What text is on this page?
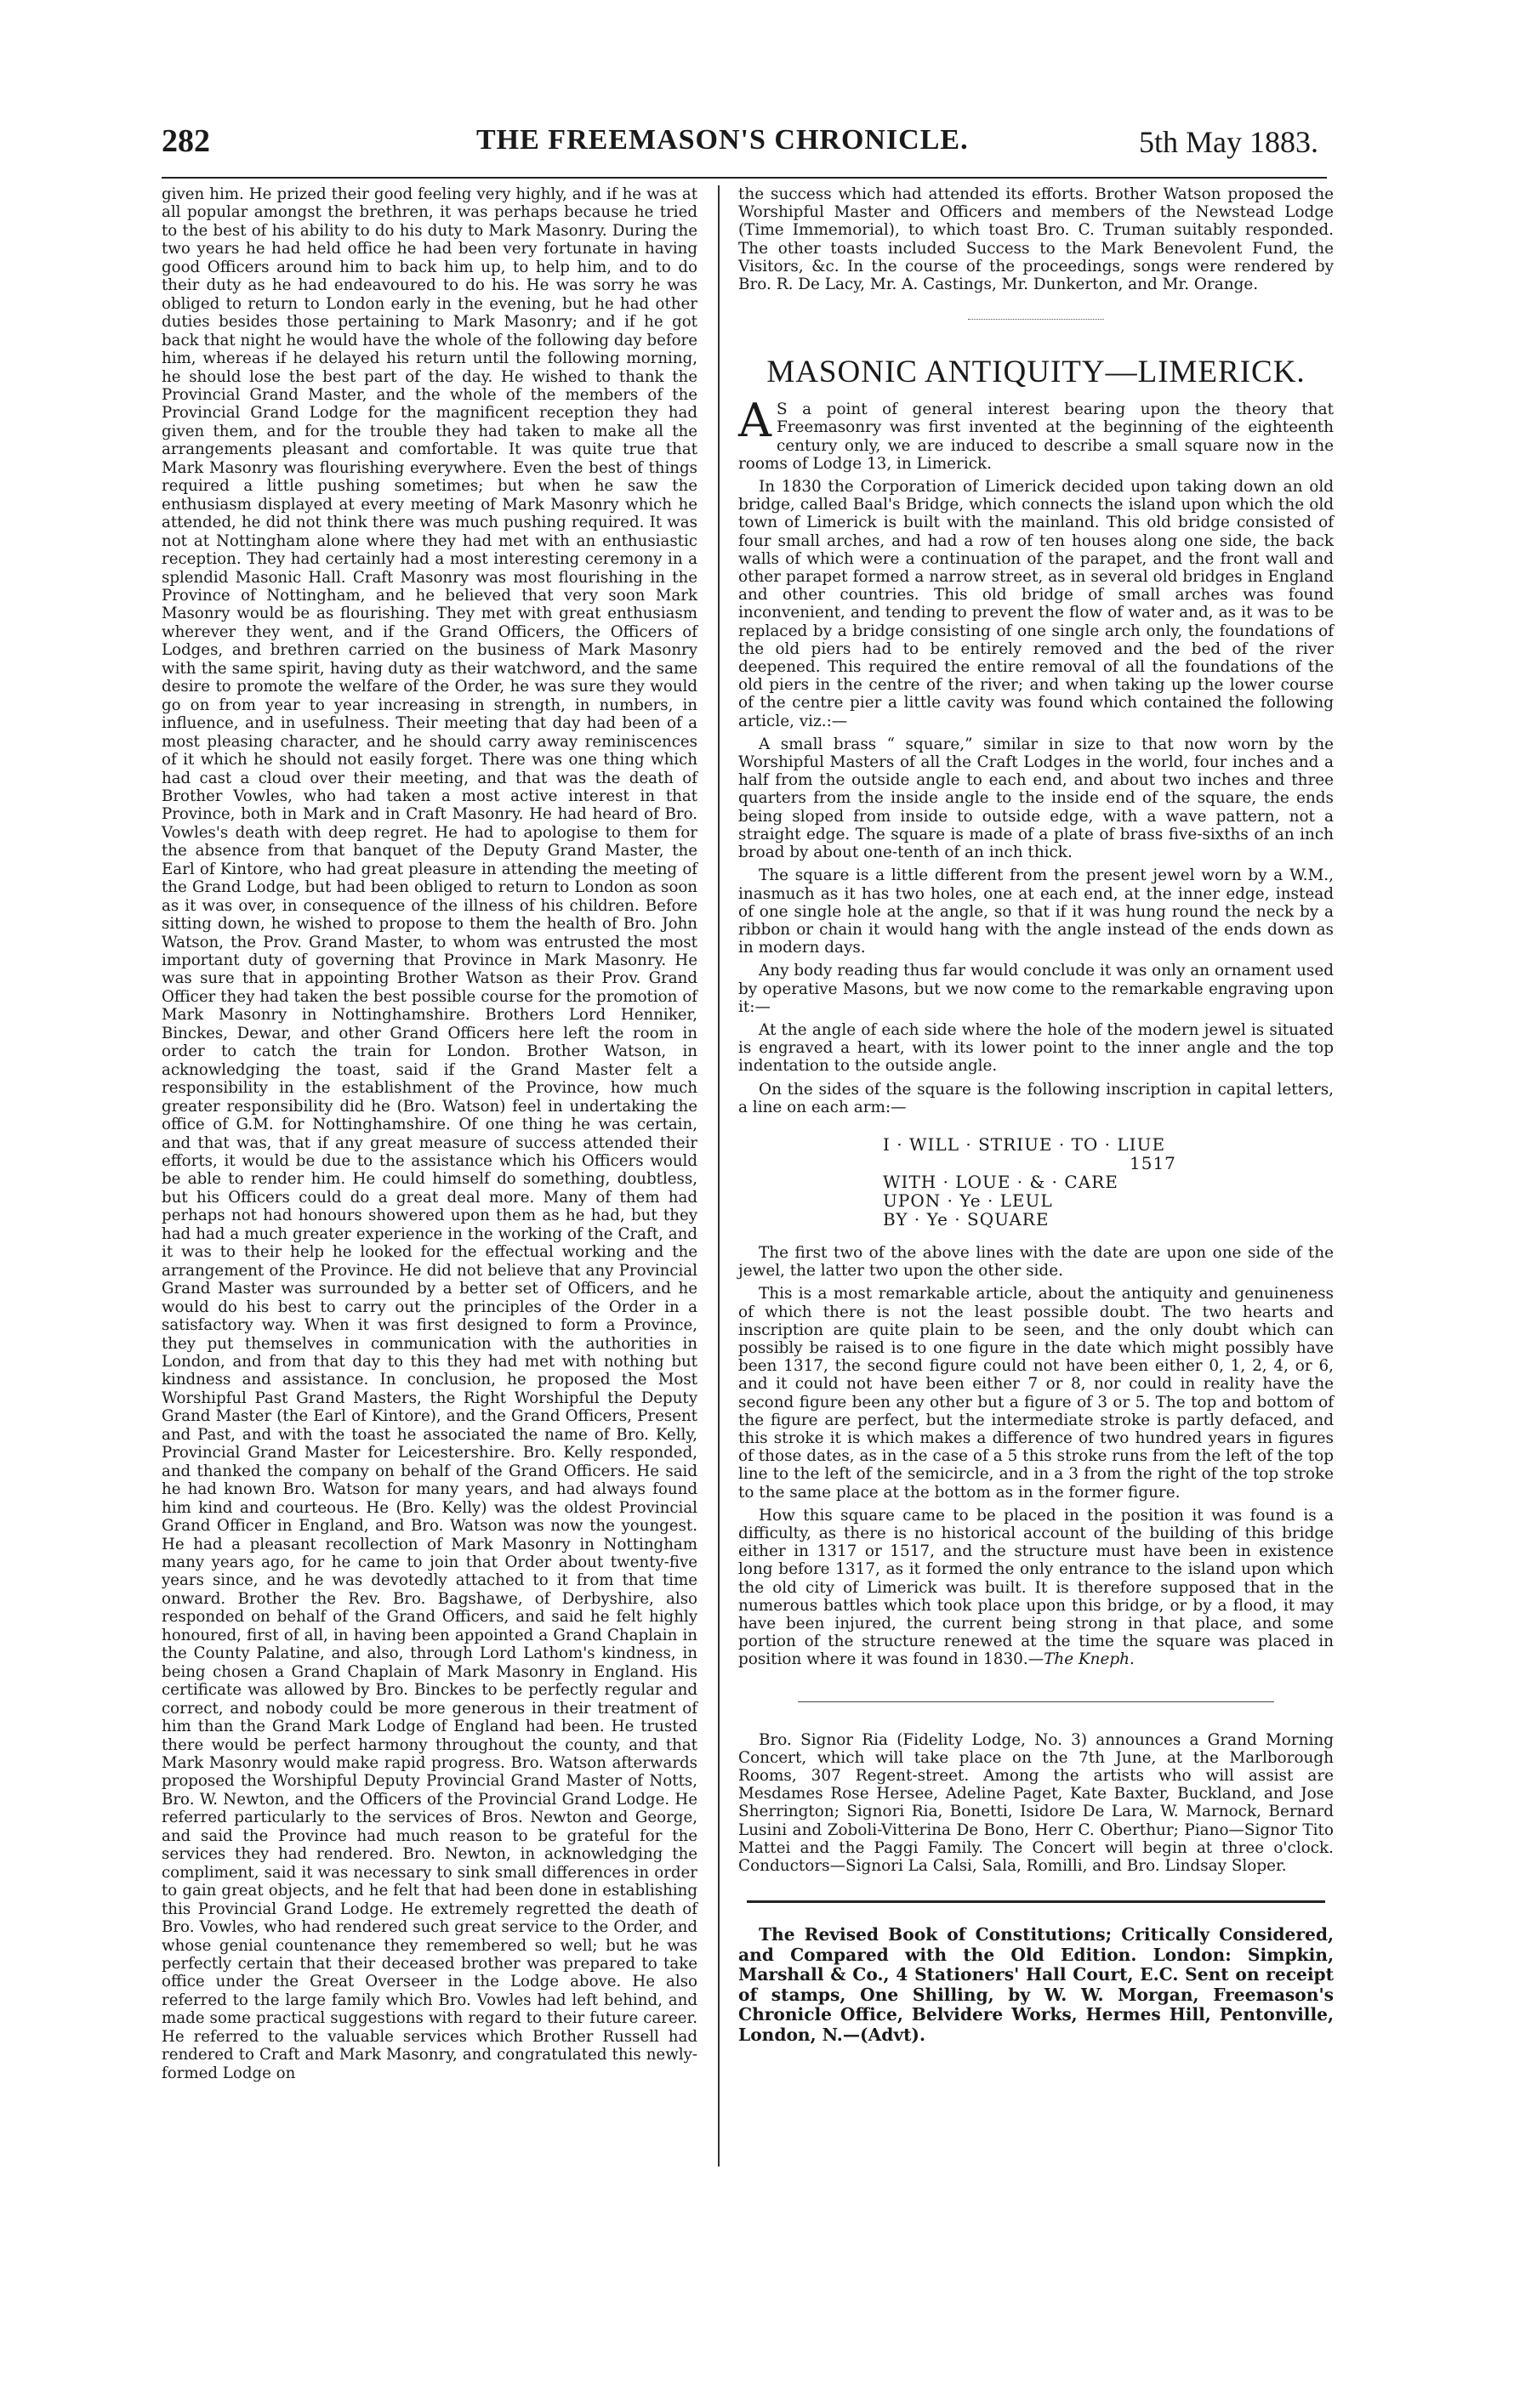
282	THE FREEMASON'S CHRONICLE.	5th May 1883.

given him. He prized their good feeling very highly, and if he was at all popular amongst the brethren, it was perhaps because he tried to the best of his ability to do his duty to Mark Masonry. During the two years he had held office he had been very fortunate in having good Officers around him to back him up, to help him, and to do their duty as he had endeavoured to do his. He was sorry he was obliged to return to London early in the evening, but he had other duties besides those pertaining to Mark Masonry; and if he got back that night he would have the whole of the following day before him, whereas if he delayed his return until the following morning, he should lose the best part of the day. He wished to thank the Provincial Grand Master, and the whole of the members of the Provincial Grand Lodge for the magnificent reception they had given them, and for the trouble they had taken to make all the arrangements pleasant and comfortable. It was quite true that Mark Masonry was flourishing everywhere. Even the best of things required a little pushing sometimes; but when he saw the enthusiasm displayed at every meeting of Mark Masonry which he attended, he did not think there was much pushing required. It was not at Nottingham alone where they had met with an enthusiastic reception. They had certainly had a most interesting ceremony in a splendid Masonic Hall. Craft Masonry was most flourishing in the Province of Nottingham, and he believed that very soon Mark Masonry would be as flourishing. They met with great enthusiasm wherever they went, and if the Grand Officers, the Officers of Lodges, and brethren carried on the business of Mark Masonry with the same spirit, having duty as their watchword, and the same desire to promote the welfare of the Order, he was sure they would go on from year to year increasing in strength, in numbers, in influence, and in usefulness. Their meeting that day had been of a most pleasing character, and he should carry away reminiscences of it which he should not easily forget. There was one thing which had cast a cloud over their meeting, and that was the death of Brother Vowles, who had taken a most active interest in that Province, both in Mark and in Craft Masonry. He had heard of Bro. Vowles's death with deep regret. He had to apologise to them for the absence from that banquet of the Deputy Grand Master, the Earl of Kintore, who had great pleasure in attending the meeting of the Grand Lodge, but had been obliged to return to London as soon as it was over, in consequence of the illness of his children. Before sitting down, he wished to propose to them the health of Bro. John Watson, the Prov. Grand Master, to whom was entrusted the most important duty of governing that Province in Mark Masonry. He was sure that in appointing Brother Watson as their Prov. Grand Officer they had taken the best possible course for the promotion of Mark Masonry in Nottinghamshire. Brothers Lord Henniker, Binckes, Dewar, and other Grand Officers here left the room in order to catch the train for London. Brother Watson, in acknowledging the toast, said if the Grand Master felt a responsibility in the establishment of the Province, how much greater responsibility did he (Bro. Watson) feel in undertaking the office of G.M. for Nottinghamshire. Of one thing he was certain, and that was, that if any great measure of success attended their efforts, it would be due to the assistance which his Officers would be able to render him. He could himself do something, doubtless, but his Officers could do a great deal more. Many of them had perhaps not had honours showered upon them as he had, but they had had a much greater experience in the working of the Craft, and it was to their help he looked for the effectual working and the arrangement of the Province. He did not believe that any Provincial Grand Master was surrounded by a better set of Officers, and he would do his best to carry out the principles of the Order in a satisfactory way. When it was first designed to form a Province, they put themselves in communication with the authorities in London, and from that day to this they had met with nothing but kindness and assistance. In conclusion, he proposed the Most Worshipful Past Grand Masters, the Right Worshipful the Deputy Grand Master (the Earl of Kintore), and the Grand Officers, Present and Past, and with the toast he associated the name of Bro. Kelly, Provincial Grand Master for Leicestershire. Bro. Kelly responded, and thanked the company on behalf of the Grand Officers. He said he had known Bro. Watson for many years, and had always found him kind and courteous. He (Bro. Kelly) was the oldest Provincial Grand Officer in England, and Bro. Watson was now the youngest. He had a pleasant recollection of Mark Masonry in Nottingham many years ago, for he came to join that Order about twenty-five years since, and he was devotedly attached to it from that time onward. Brother the Rev. Bro. Bagshawe, of Derbyshire, also responded on behalf of the Grand Officers, and said he felt highly honoured, first of all, in having been appointed a Grand Chaplain in the County Palatine, and also, through Lord Lathom's kindness, in being chosen a Grand Chaplain of Mark Masonry in England. His certificate was allowed by Bro. Binckes to be perfectly regular and correct, and nobody could be more generous in their treatment of him than the Grand Mark Lodge of England had been. He trusted there would be perfect harmony throughout the county, and that Mark Masonry would make rapid progress. Bro. Watson afterwards proposed the Worshipful Deputy Provincial Grand Master of Notts, Bro. W. Newton, and the Officers of the Provincial Grand Lodge. He referred particularly to the services of Bros. Newton and George, and said the Province had much reason to be grateful for the services they had rendered. Bro. Newton, in acknowledging the compliment, said it was necessary to sink small differences in order to gain great objects, and he felt that had been done in establishing this Provincial Grand Lodge. He extremely regretted the death of Bro. Vowles, who had rendered such great service to the Order, and whose genial countenance they remembered so well; but he was perfectly certain that their deceased brother was prepared to take office under the Great Overseer in the Lodge above. He also referred to the large family which Bro. Vowles had left behind, and made some practical suggestions with regard to their future career. He referred to the valuable services which Brother Russell had rendered to Craft and Mark Masonry, and congratulated this newly-formed Lodge on

the success which had attended its efforts. Brother Watson proposed the Worshipful Master and Officers and members of the Newstead Lodge (Time Immemorial), to which toast Bro. C. Truman suitably responded. The other toasts included Success to the Mark Benevolent Fund, the Visitors, &c. In the course of the proceedings, songs were rendered by Bro. R. De Lacy, Mr. A. Castings, Mr. Dunkerton, and Mr. Orange.

MASONIC ANTIQUITY—LIMERICK.

A S a point of general interest bearing upon the theory that Freemasonry was first invented at the beginning of the eighteenth century only, we are induced to describe a small square now in the rooms of Lodge 13, in Limerick.

In 1830 the Corporation of Limerick decided upon taking down an old bridge, called Baal's Bridge, which connects the island upon which the old town of Limerick is built with the mainland. This old bridge consisted of four small arches, and had a row of ten houses along one side, the back walls of which were a continuation of the parapet, and the front wall and other parapet formed a narrow street, as in several old bridges in England and other countries. This old bridge of small arches was found inconvenient, and tending to prevent the flow of water and, as it was to be replaced by a bridge consisting of one single arch only, the foundations of the old piers had to be entirely removed and the bed of the river deepened. This required the entire removal of all the foundations of the old piers in the centre of the river; and when taking up the lower course of the centre pier a little cavity was found which contained the following article, viz.:—

A small brass “ square,” similar in size to that now worn by the Worshipful Masters of all the Craft Lodges in the world, four inches and a half from the outside angle to each end, and about two inches and three quarters from the inside angle to the inside end of the square, the ends being sloped from inside to outside edge, with a wave pattern, not a straight edge. The square is made of a plate of brass five-sixths of an inch broad by about one-tenth of an inch thick.

The square is a little different from the present jewel worn by a W.M., inasmuch as it has two holes, one at each end, at the inner edge, instead of one single hole at the angle, so that if it was hung round the neck by a ribbon or chain it would hang with the angle instead of the ends down as in modern days.

Any body reading thus far would conclude it was only an ornament used by operative Masons, but we now come to the remarkable engraving upon it:—

At the angle of each side where the hole of the modern jewel is situated is engraved a heart, with its lower point to the inner angle and the top indentation to the outside angle.

On the sides of the square is the following inscription in capital letters, a line on each arm:—

I · WILL · STRIUE · TO · LIUE
1517
WITH · LOUE · & · CARE
UPON · Ye · LEUL
BY · Ye · SQUARE

The first two of the above lines with the date are upon one side of the jewel, the latter two upon the other side.

This is a most remarkable article, about the antiquity and genuineness of which there is not the least possible doubt. The two hearts and inscription are quite plain to be seen, and the only doubt which can possibly be raised is to one figure in the date which might possibly have been 1317, the second figure could not have been either 0, 1, 2, 4, or 6, and it could not have been either 7 or 8, nor could in reality have the second figure been any other but a figure of 3 or 5. The top and bottom of the figure are perfect, but the intermediate stroke is partly defaced, and this stroke it is which makes a difference of two hundred years in figures of those dates, as in the case of a 5 this stroke runs from the left of the top line to the left of the semicircle, and in a 3 from the right of the top stroke to the same place at the bottom as in the former figure.

How this square came to be placed in the position it was found is a difficulty, as there is no historical account of the building of this bridge either in 1317 or 1517, and the structure must have been in existence long before 1317, as it formed the only entrance to the island upon which the old city of Limerick was built. It is therefore supposed that in the numerous battles which took place upon this bridge, or by a flood, it may have been injured, the current being strong in that place, and some portion of the structure renewed at the time the square was placed in position where it was found in 1830.—The Kneph.

Bro. Signor Ria (Fidelity Lodge, No. 3) announces a Grand Morning Concert, which will take place on the 7th June, at the Marlborough Rooms, 307 Regent-street. Among the artists who will assist are Mesdames Rose Hersee, Adeline Paget, Kate Baxter, Buckland, and Jose Sherrington; Signori Ria, Bonetti, Isidore De Lara, W. Marnock, Bernard Lusini and Zoboli-Vitterina De Bono, Herr C. Oberthur; Piano—Signor Tito Mattei and the Paggi Family. The Concert will begin at three o'clock. Conductors—Signori La Calsi, Sala, Romilli, and Bro. Lindsay Sloper.

The Revised Book of Constitutions; Critically Considered, and Compared with the Old Edition. London: Simpkin, Marshall & Co., 4 Stationers' Hall Court, E.C. Sent on receipt of stamps, One Shilling, by W. W. Morgan, Freemason's Chronicle Office, Belvidere Works, Hermes Hill, Pentonville, London, N.—(Advt).
